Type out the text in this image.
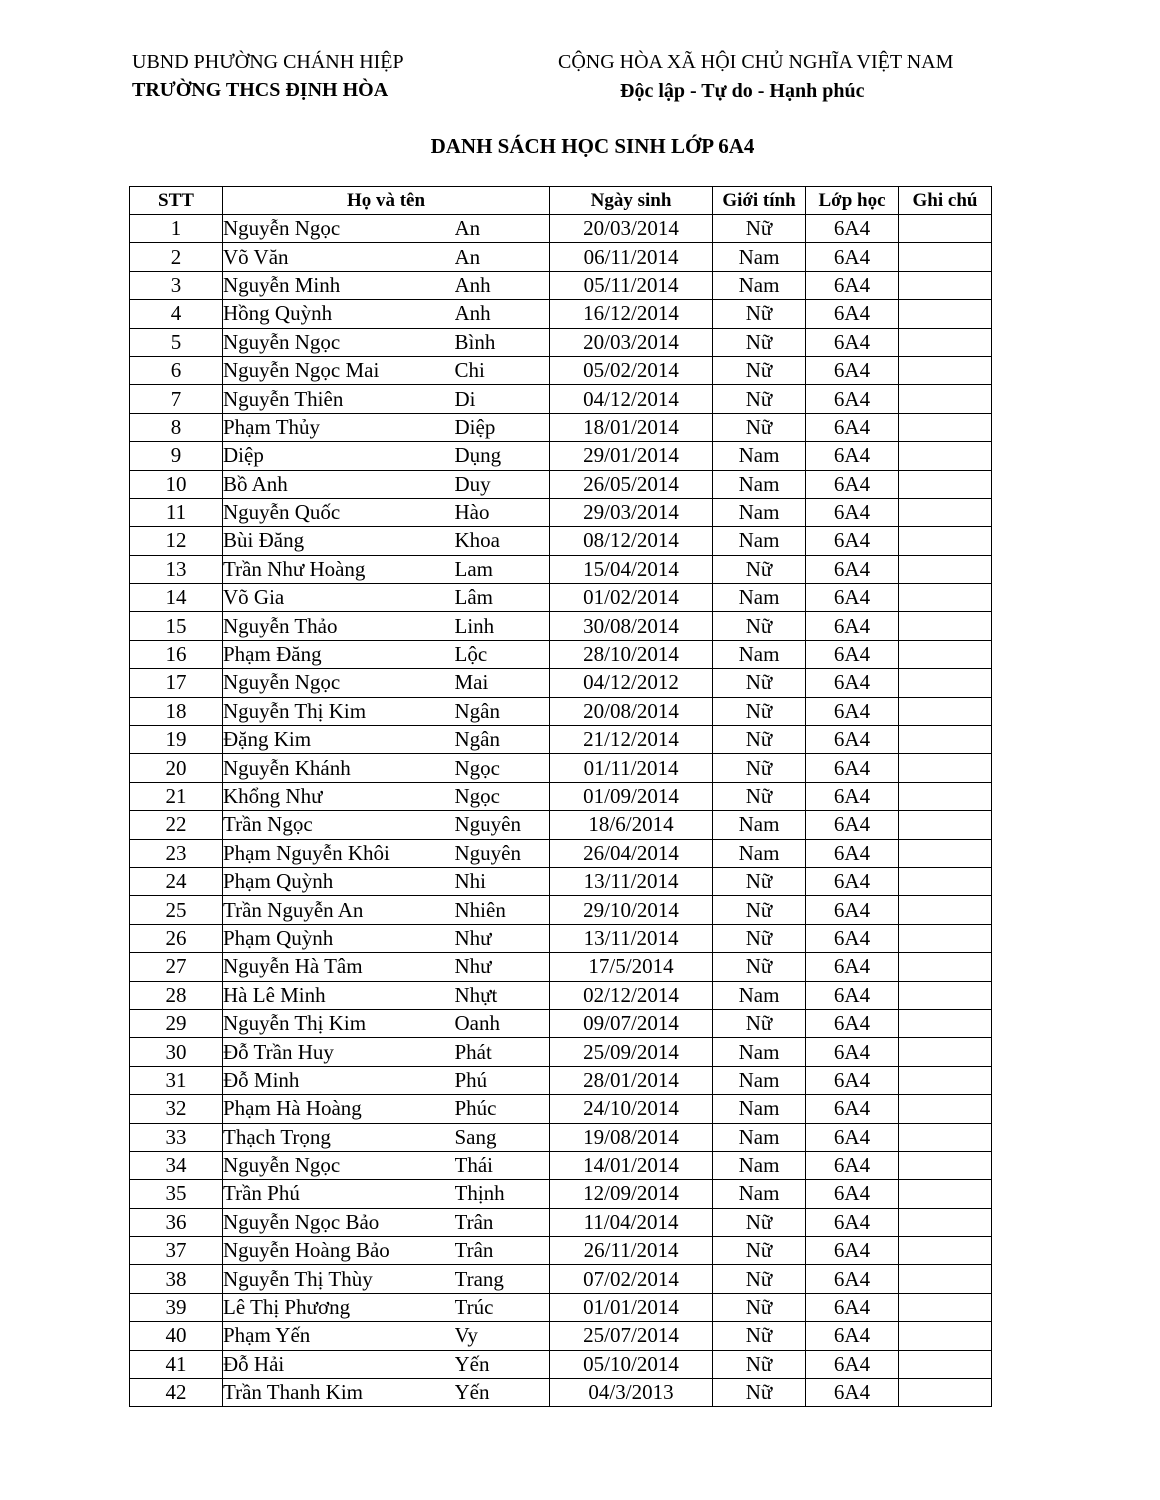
UBND PHƯỜNG CHÁNH HIỆP
TRƯỜNG THCS ĐỊNH HÒA
CỘNG HÒA XÃ HỘI CHỦ NGHĨA VIỆT NAM
Độc lập - Tự do - Hạnh phúc
DANH SÁCH HỌC SINH LỚP 6A4
STT	Họ và tên		Ngày sinh	Giới tính	Lớp học	Ghi chú
1	Nguyễn Ngọc	An	20/03/2014	Nữ	6A4	
2	Võ Văn	An	06/11/2014	Nam	6A4	
3	Nguyễn Minh	Anh	05/11/2014	Nam	6A4	
4	Hồng Quỳnh	Anh	16/12/2014	Nữ	6A4	
5	Nguyễn Ngọc	Bình	20/03/2014	Nữ	6A4	
6	Nguyễn Ngọc Mai	Chi	05/02/2014	Nữ	6A4	
7	Nguyễn Thiên	Di	04/12/2014	Nữ	6A4	
8	Phạm Thủy	Diệp	18/01/2014	Nữ	6A4	
9	Diệp	Dụng	29/01/2014	Nam	6A4	
10	Bồ Anh	Duy	26/05/2014	Nam	6A4	
11	Nguyễn Quốc	Hào	29/03/2014	Nam	6A4	
12	Bùi Đăng	Khoa	08/12/2014	Nam	6A4	
13	Trần Như Hoàng	Lam	15/04/2014	Nữ	6A4	
14	Võ Gia	Lâm	01/02/2014	Nam	6A4	
15	Nguyễn Thảo	Linh	30/08/2014	Nữ	6A4	
16	Phạm Đăng	Lộc	28/10/2014	Nam	6A4	
17	Nguyễn Ngọc	Mai	04/12/2012	Nữ	6A4	
18	Nguyễn Thị Kim	Ngân	20/08/2014	Nữ	6A4	
19	Đặng Kim	Ngân	21/12/2014	Nữ	6A4	
20	Nguyễn Khánh	Ngọc	01/11/2014	Nữ	6A4	
21	Khổng Như	Ngọc	01/09/2014	Nữ	6A4	
22	Trần Ngọc	Nguyên	18/6/2014	Nam	6A4	
23	Phạm Nguyễn Khôi	Nguyên	26/04/2014	Nam	6A4	
24	Phạm Quỳnh	Nhi	13/11/2014	Nữ	6A4	
25	Trần Nguyễn An	Nhiên	29/10/2014	Nữ	6A4	
26	Phạm Quỳnh	Như	13/11/2014	Nữ	6A4	
27	Nguyễn Hà Tâm	Như	17/5/2014	Nữ	6A4	
28	Hà Lê Minh	Nhựt	02/12/2014	Nam	6A4	
29	Nguyễn Thị Kim	Oanh	09/07/2014	Nữ	6A4	
30	Đỗ Trần Huy	Phát	25/09/2014	Nam	6A4	
31	Đỗ Minh	Phú	28/01/2014	Nam	6A4	
32	Phạm Hà Hoàng	Phúc	24/10/2014	Nam	6A4	
33	Thạch Trọng	Sang	19/08/2014	Nam	6A4	
34	Nguyễn Ngọc	Thái	14/01/2014	Nam	6A4	
35	Trần Phú	Thịnh	12/09/2014	Nam	6A4	
36	Nguyễn Ngọc Bảo	Trân	11/04/2014	Nữ	6A4	
37	Nguyễn Hoàng Bảo	Trân	26/11/2014	Nữ	6A4	
38	Nguyễn Thị Thùy	Trang	07/02/2014	Nữ	6A4	
39	Lê Thị Phương	Trúc	01/01/2014	Nữ	6A4	
40	Phạm Yến	Vy	25/07/2014	Nữ	6A4	
41	Đỗ Hải	Yến	05/10/2014	Nữ	6A4	
42	Trần Thanh Kim	Yến	04/3/2013	Nữ	6A4	
